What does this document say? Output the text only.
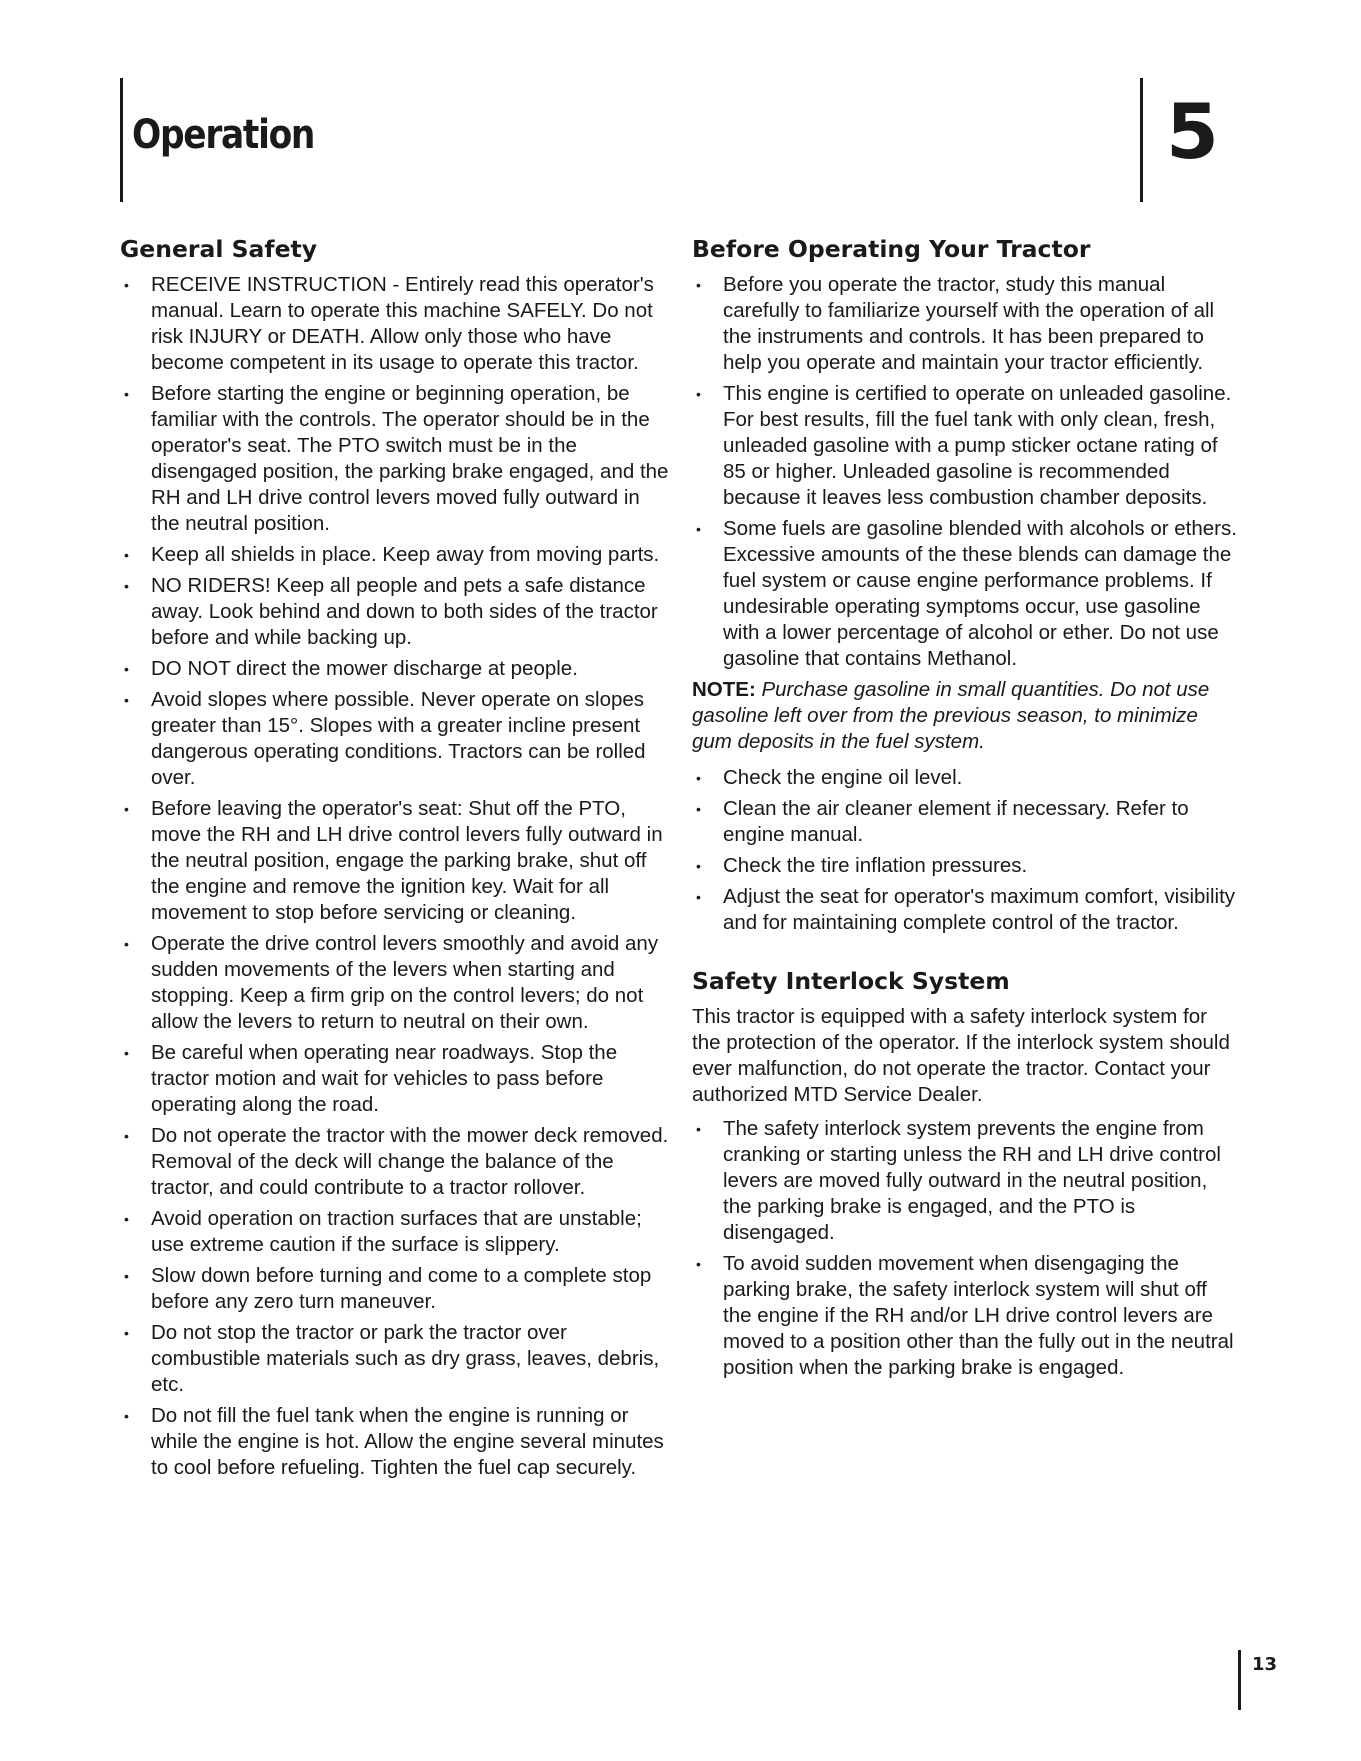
Operation	5
General Safety
• RECEIVE INSTRUCTION - Entirely read this operator's manual. Learn to operate this machine SAFELY. Do not risk INJURY or DEATH. Allow only those who have become competent in its usage to operate this tractor.
• Before starting the engine or beginning operation, be familiar with the controls. The operator should be in the operator's seat. The PTO switch must be in the disengaged position, the parking brake engaged, and the RH and LH drive control levers moved fully outward in the neutral position.
• Keep all shields in place. Keep away from moving parts.
• NO RIDERS! Keep all people and pets a safe distance away. Look behind and down to both sides of the tractor before and while backing up.
• DO NOT direct the mower discharge at people.
• Avoid slopes where possible. Never operate on slopes greater than 15°. Slopes with a greater incline present dangerous operating conditions. Tractors can be rolled over.
• Before leaving the operator's seat: Shut off the PTO, move the RH and LH drive control levers fully outward in the neutral position, engage the parking brake, shut off the engine and remove the ignition key. Wait for all movement to stop before servicing or cleaning.
• Operate the drive control levers smoothly and avoid any sudden movements of the levers when starting and stopping. Keep a firm grip on the control levers; do not allow the levers to return to neutral on their own.
• Be careful when operating near roadways. Stop the tractor motion and wait for vehicles to pass before operating along the road.
• Do not operate the tractor with the mower deck removed. Removal of the deck will change the balance of the tractor, and could contribute to a tractor rollover.
• Avoid operation on traction surfaces that are unstable; use extreme caution if the surface is slippery.
• Slow down before turning and come to a complete stop before any zero turn maneuver.
• Do not stop the tractor or park the tractor over combustible materials such as dry grass, leaves, debris, etc.
• Do not fill the fuel tank when the engine is running or while the engine is hot. Allow the engine several minutes to cool before refueling. Tighten the fuel cap securely.
Before Operating Your Tractor
• Before you operate the tractor, study this manual carefully to familiarize yourself with the operation of all the instruments and controls. It has been prepared to help you operate and maintain your tractor efficiently.
• This engine is certified to operate on unleaded gasoline. For best results, fill the fuel tank with only clean, fresh, unleaded gasoline with a pump sticker octane rating of 85 or higher. Unleaded gasoline is recommended because it leaves less combustion chamber deposits.
• Some fuels are gasoline blended with alcohols or ethers. Excessive amounts of the these blends can damage the fuel system or cause engine performance problems. If undesirable operating symptoms occur, use gasoline with a lower percentage of alcohol or ether. Do not use gasoline that contains Methanol.

NOTE: Purchase gasoline in small quantities. Do not use gasoline left over from the previous season, to minimize gum deposits in the fuel system.

• Check the engine oil level.
• Clean the air cleaner element if necessary. Refer to engine manual.
• Check the tire inflation pressures.
• Adjust the seat for operator's maximum comfort, visibility and for maintaining complete control of the tractor.
Safety Interlock System

This tractor is equipped with a safety interlock system for the protection of the operator. If the interlock system should ever malfunction, do not operate the tractor. Contact your authorized MTD Service Dealer.

• The safety interlock system prevents the engine from cranking or starting unless the RH and LH drive control levers are moved fully outward in the neutral position, the parking brake is engaged, and the PTO is disengaged.
• To avoid sudden movement when disengaging the parking brake, the safety interlock system will shut off the engine if the RH and/or LH drive control levers are moved to a position other than the fully out in the neutral position when the parking brake is engaged.
13
